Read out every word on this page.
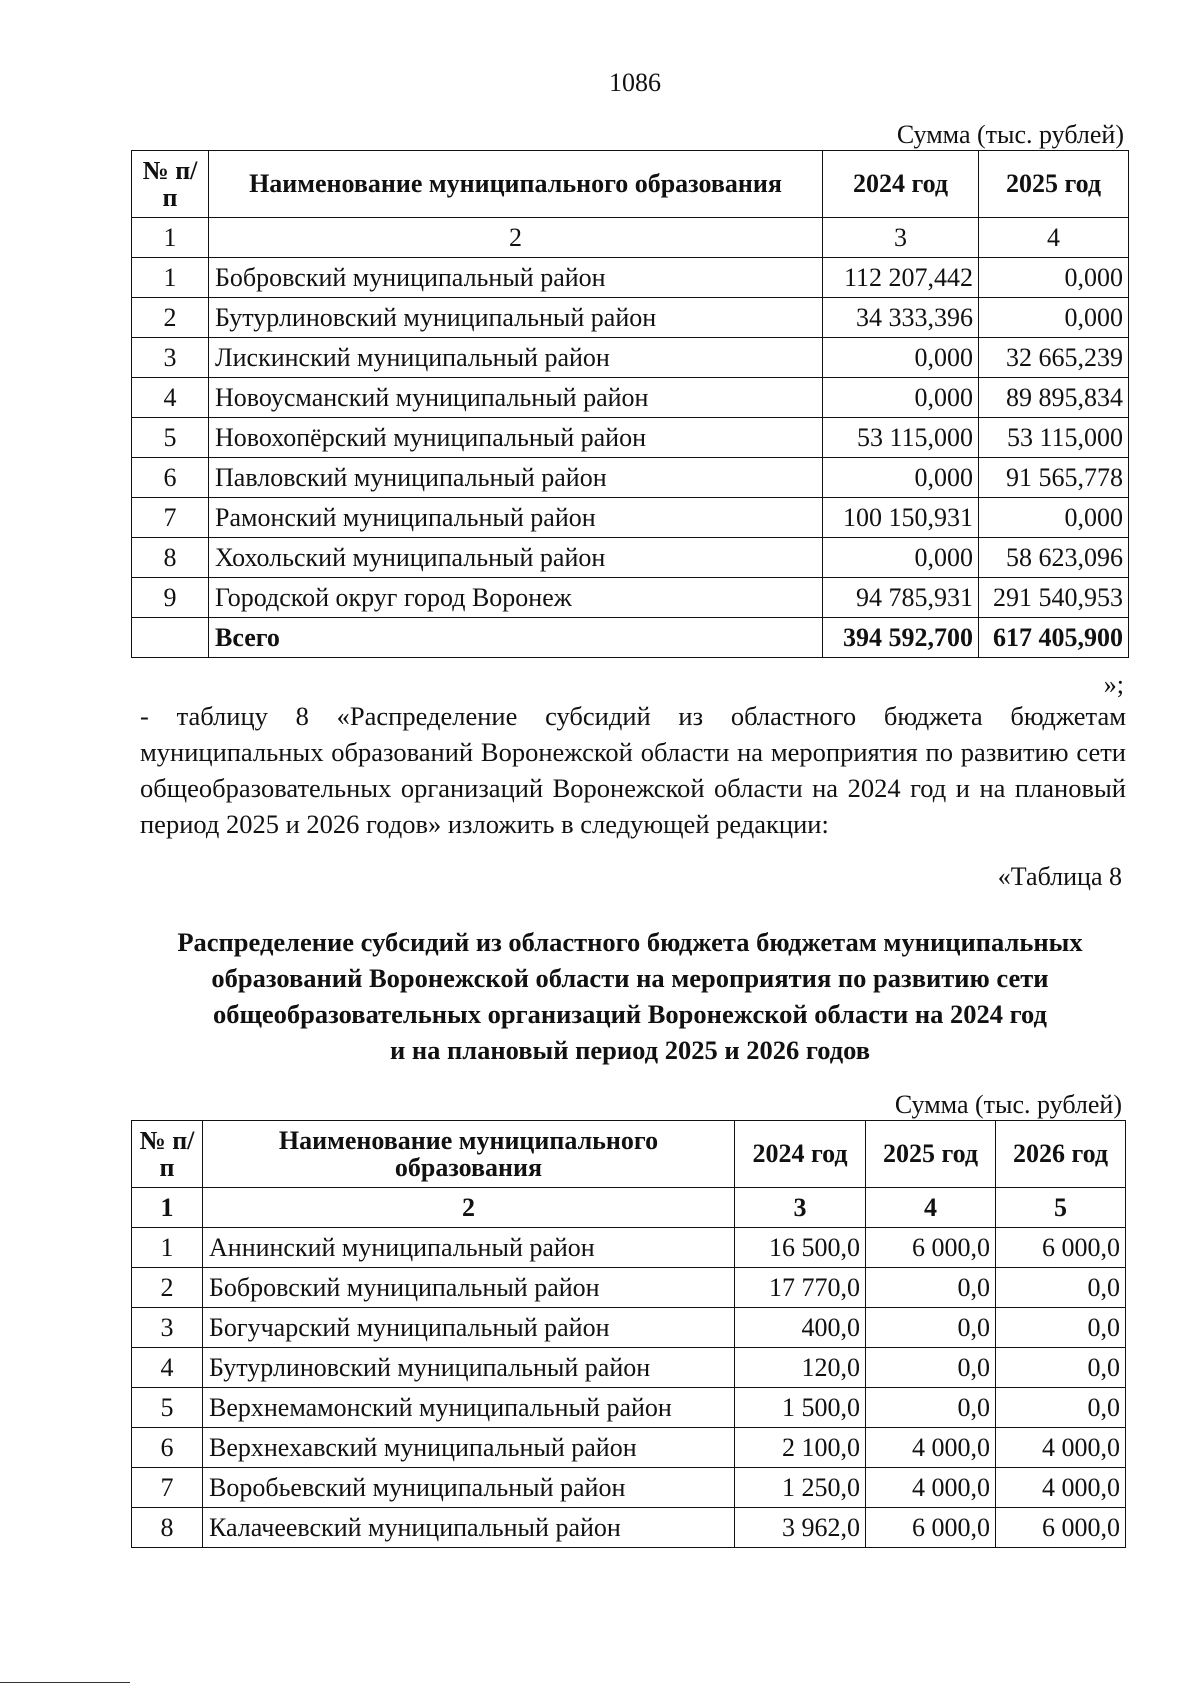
1086
Сумма (тыс. рублей)
№ п/п	Наименование муниципального образования	2024 год	2025 год
1	2	3	4
1	Бобровский муниципальный район	112 207,442	0,000
2	Бутурлиновский муниципальный район	34 333,396	0,000
3	Лискинский муниципальный район	0,000	32 665,239
4	Новоусманский муниципальный район	0,000	89 895,834
5	Новохопёрский муниципальный район	53 115,000	53 115,000
6	Павловский муниципальный район	0,000	91 565,778
7	Рамонский муниципальный район	100 150,931	0,000
8	Хохольский муниципальный район	0,000	58 623,096
9	Городской округ город Воронеж	94 785,931	291 540,953
	Всего	394 592,700	617 405,900
»;
- таблицу 8 «Распределение субсидий из областного бюджета бюджетам муниципальных образований Воронежской области на мероприятия по развитию сети общеобразовательных организаций Воронежской области на 2024 год и на плановый период 2025 и 2026 годов» изложить в следующей редакции:
«Таблица 8
Распределение субсидий из областного бюджета бюджетам муниципальных
образований Воронежской области на мероприятия по развитию сети
общеобразовательных организаций Воронежской области на 2024 год
и на плановый период 2025 и 2026 годов
Сумма (тыс. рублей)
№ п/п	Наименование муниципального образования	2024 год	2025 год	2026 год
1	2	3	4	5
1	Аннинский муниципальный район	16 500,0	6 000,0	6 000,0
2	Бобровский муниципальный район	17 770,0	0,0	0,0
3	Богучарский муниципальный район	400,0	0,0	0,0
4	Бутурлиновский муниципальный район	120,0	0,0	0,0
5	Верхнемамонский муниципальный район	1 500,0	0,0	0,0
6	Верхнехавский муниципальный район	2 100,0	4 000,0	4 000,0
7	Воробьевский муниципальный район	1 250,0	4 000,0	4 000,0
8	Калачеевский муниципальный район	3 962,0	6 000,0	6 000,0
